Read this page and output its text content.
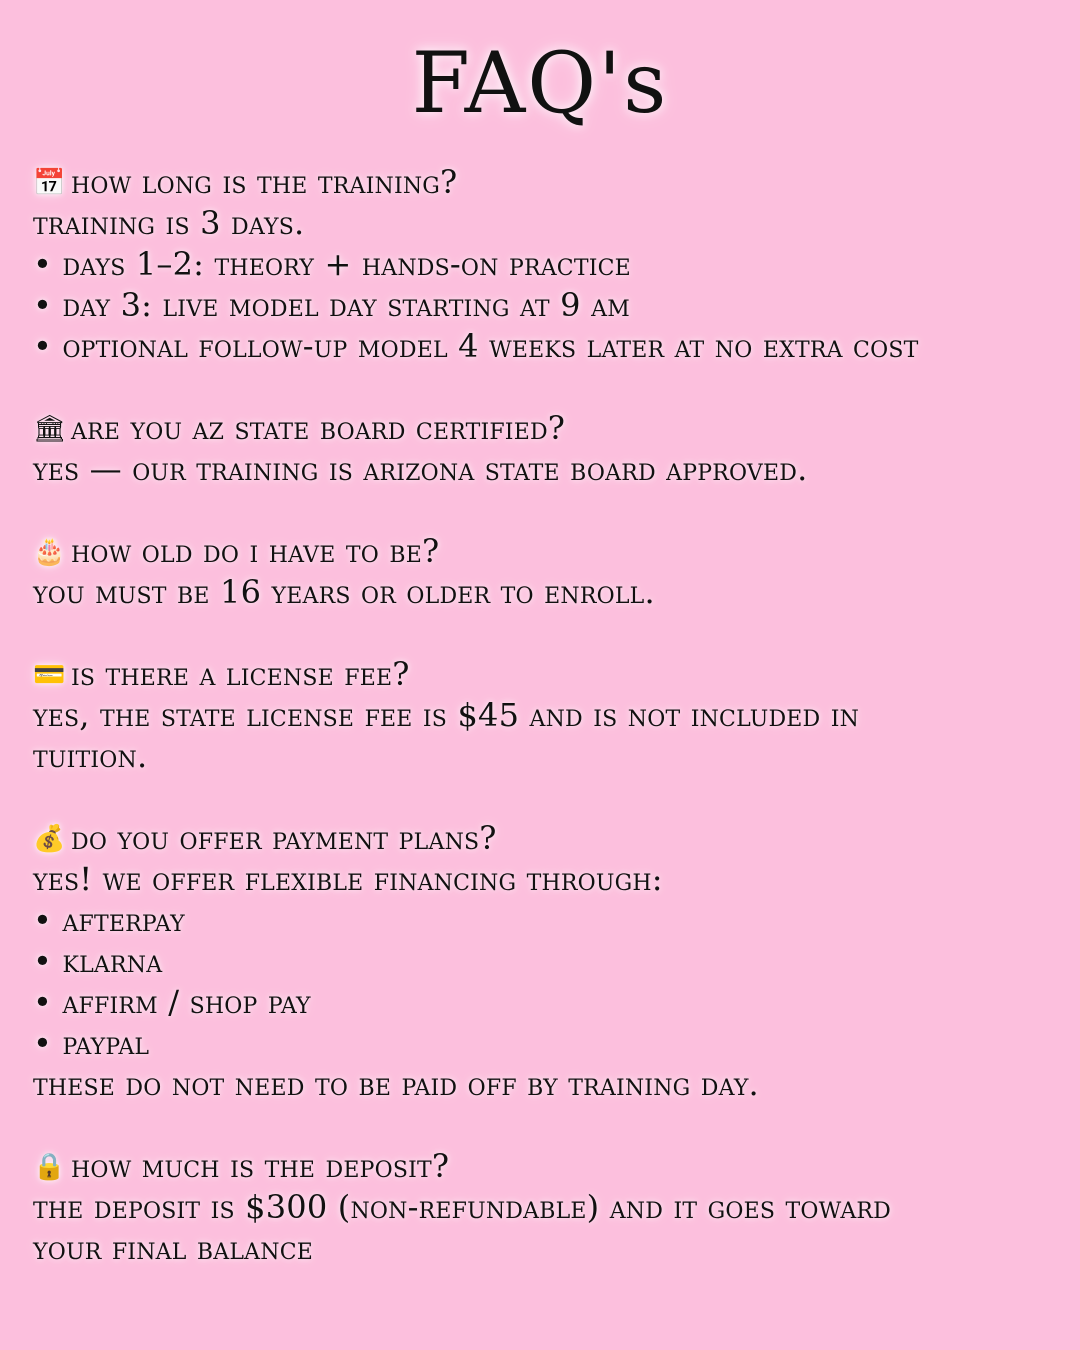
FAQ's
📅 how long is the training?
training is 3 days.
• days 1–2: theory + hands-on practice
• day 3: live model day starting at 9 am
• optional follow-up model 4 weeks later at no extra cost
🏛 are you az state board certified?
yes — our training is arizona state board approved.
🎂 how old do i have to be?
you must be 16 years or older to enroll.
💳 is there a license fee?
yes, the state license fee is $45 and is not included in tuition.
💰 do you offer payment plans?
yes! we offer flexible financing through:
• afterpay
• klarna
• affirm / shop pay
• paypal
these do not need to be paid off by training day.
🔒 how much is the deposit?
the deposit is $300 (non-refundable) and it goes toward your final balance
